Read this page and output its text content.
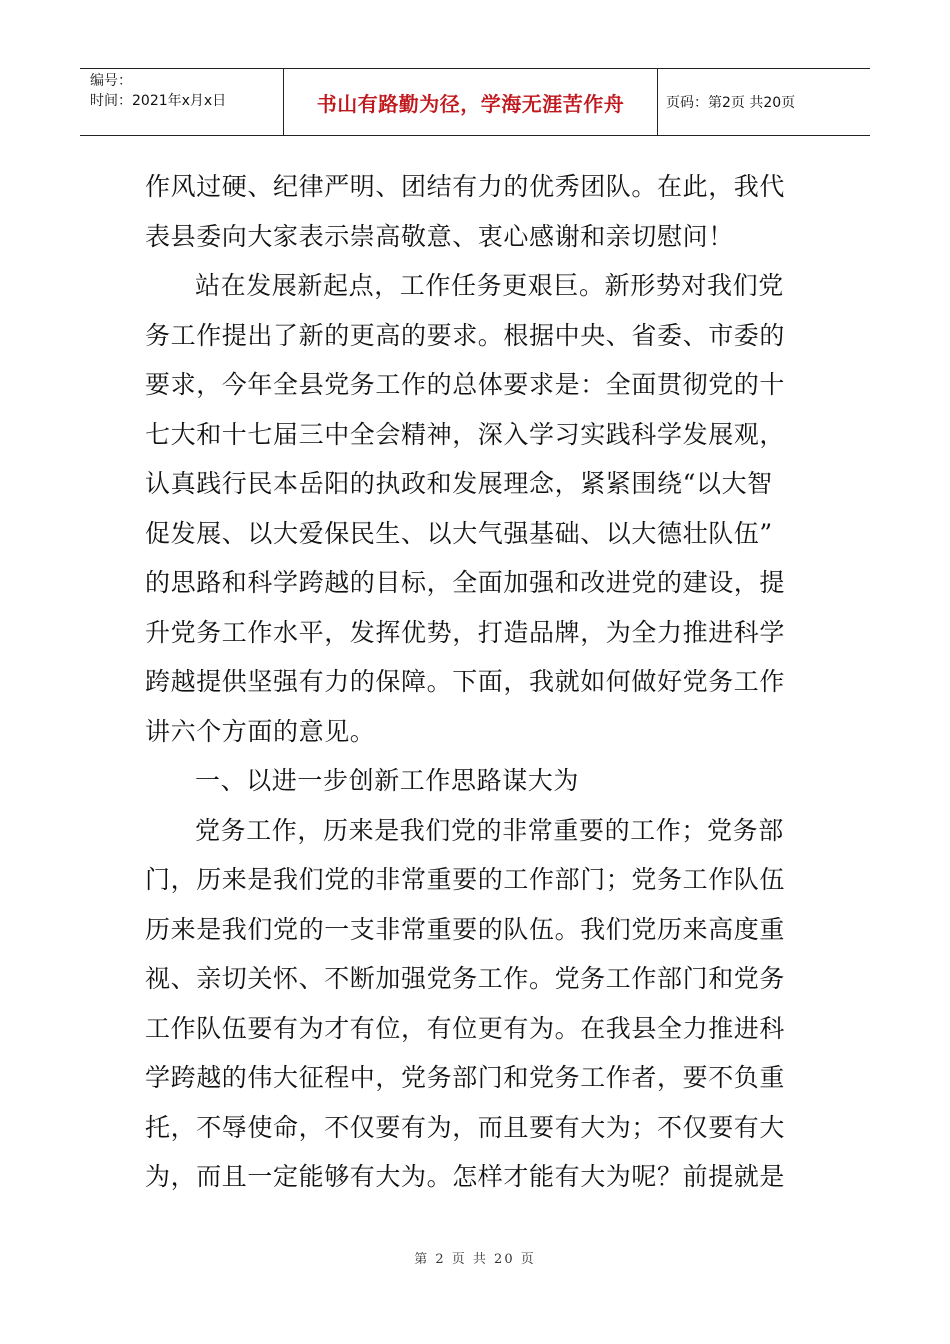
编号：
时间：2021年x月x日	书山有路勤为径，学海无涯苦作舟	页码：第2页 共20页
作风过硬、纪律严明、团结有力的优秀团队。在此，我代
表县委向大家表示崇高敬意、衷心感谢和亲切慰问！
站在发展新起点，工作任务更艰巨。新形势对我们党
务工作提出了新的更高的要求。根据中央、省委、市委的
要求，今年全县党务工作的总体要求是：全面贯彻党的十
七大和十七届三中全会精神，深入学习实践科学发展观，
认真践行民本岳阳的执政和发展理念，紧紧围绕“以大智
促发展、以大爱保民生、以大气强基础、以大德壮队伍”
的思路和科学跨越的目标，全面加强和改进党的建设，提
升党务工作水平，发挥优势，打造品牌，为全力推进科学
跨越提供坚强有力的保障。下面，我就如何做好党务工作
讲六个方面的意见。
一、以进一步创新工作思路谋大为
党务工作，历来是我们党的非常重要的工作；党务部
门，历来是我们党的非常重要的工作部门；党务工作队伍
历来是我们党的一支非常重要的队伍。我们党历来高度重
视、亲切关怀、不断加强党务工作。党务工作部门和党务
工作队伍要有为才有位，有位更有为。在我县全力推进科
学跨越的伟大征程中，党务部门和党务工作者，要不负重
托，不辱使命，不仅要有为，而且要有大为；不仅要有大
为，而且一定能够有大为。怎样才能有大为呢？前提就是
第 2 页 共 20 页
